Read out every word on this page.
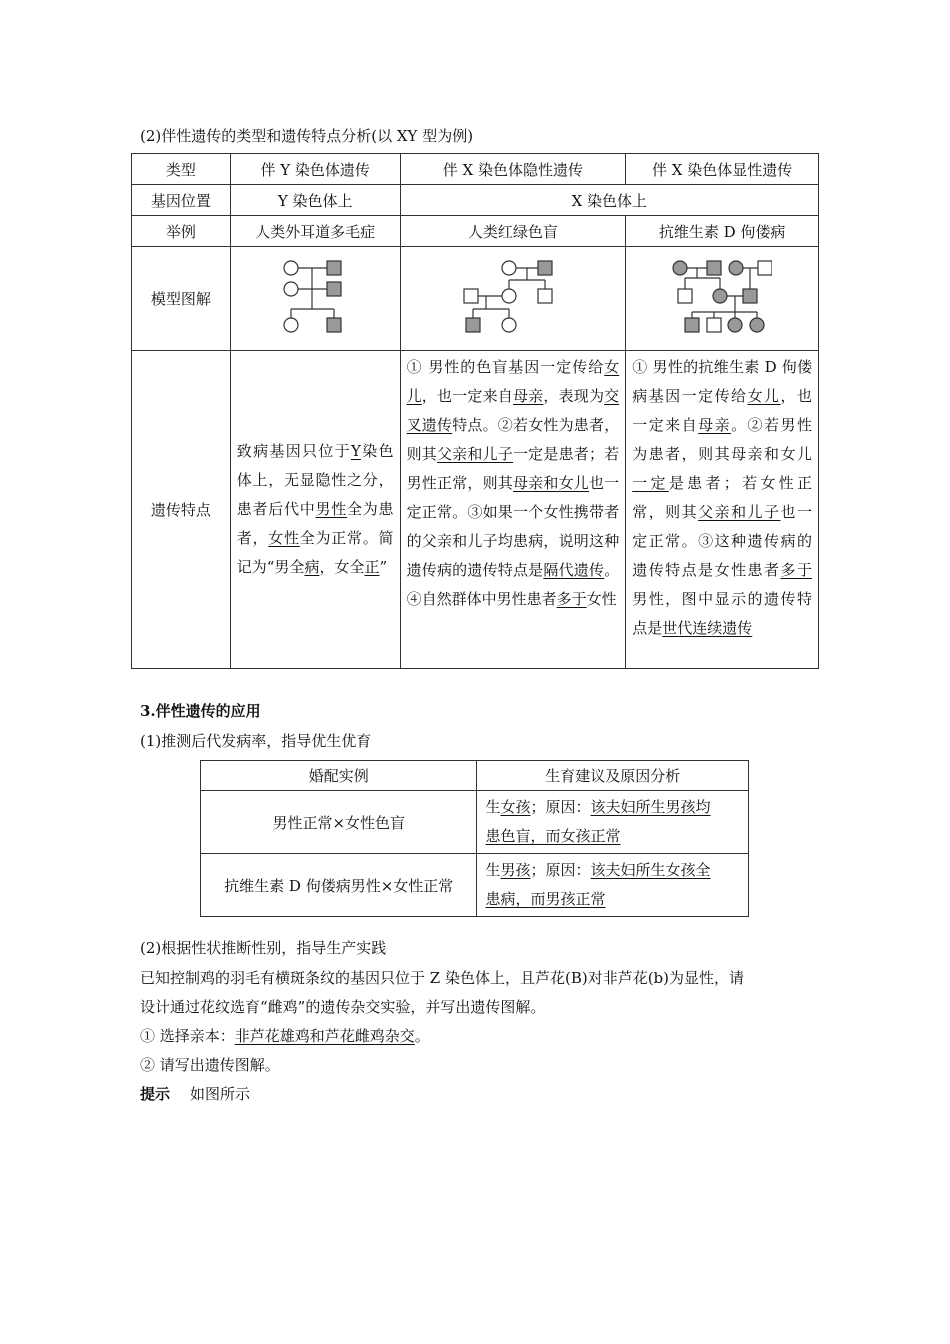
(2)伴性遗传的类型和遗传特点分析(以 XY 型为例)
类型	伴 Y 染色体遗传	伴 X 染色体隐性遗传	伴 X 染色体显性遗传
基因位置	Y 染色体上	X 染色体上	
举例	人类外耳道多毛症	人类红绿色盲	抗维生素 D 佝偻病
模型图解			
遗传特点	致病基因只位于Y染色体上，无显隐性之分，患者后代中男性全为患者，女性全为正常。简记为“男全病，女全正”	① 男性的色盲基因一定传给女儿，也一定来自母亲，表现为交叉遗传特点。②若女性为患者，则其父亲和儿子一定是患者；若男性正常，则其母亲和女儿也一定正常。③如果一个女性携带者的父亲和儿子均患病，说明这种遗传病的遗传特点是隔代遗传。④自然群体中男性患者多于女性	① 男性的抗维生素 D 佝偻病基因一定传给女儿，也一定来自母亲。②若男性为患者，则其母亲和女儿一定是患者；若女性正常，则其父亲和儿子也一定正常。③这种遗传病的遗传特点是女性患者多于男性，图中显示的遗传特点是世代连续遗传
3.伴性遗传的应用
(1)推测后代发病率，指导优生优育
婚配实例	生育建议及原因分析
男性正常×女性色盲	生女孩；原因：该夫妇所生男孩均
患色盲，而女孩正常
抗维生素 D 佝偻病男性×女性正常	生男孩；原因：该夫妇所生女孩全
患病，而男孩正常
(2)根据性状推断性别，指导生产实践
已知控制鸡的羽毛有横斑条纹的基因只位于 Z 染色体上，且芦花(B)对非芦花(b)为显性，请
设计通过花纹选育“雌鸡”的遗传杂交实验，并写出遗传图解。
① 选择亲本：非芦花雄鸡和芦花雌鸡杂交。
② 请写出遗传图解。
提示 如图所示
